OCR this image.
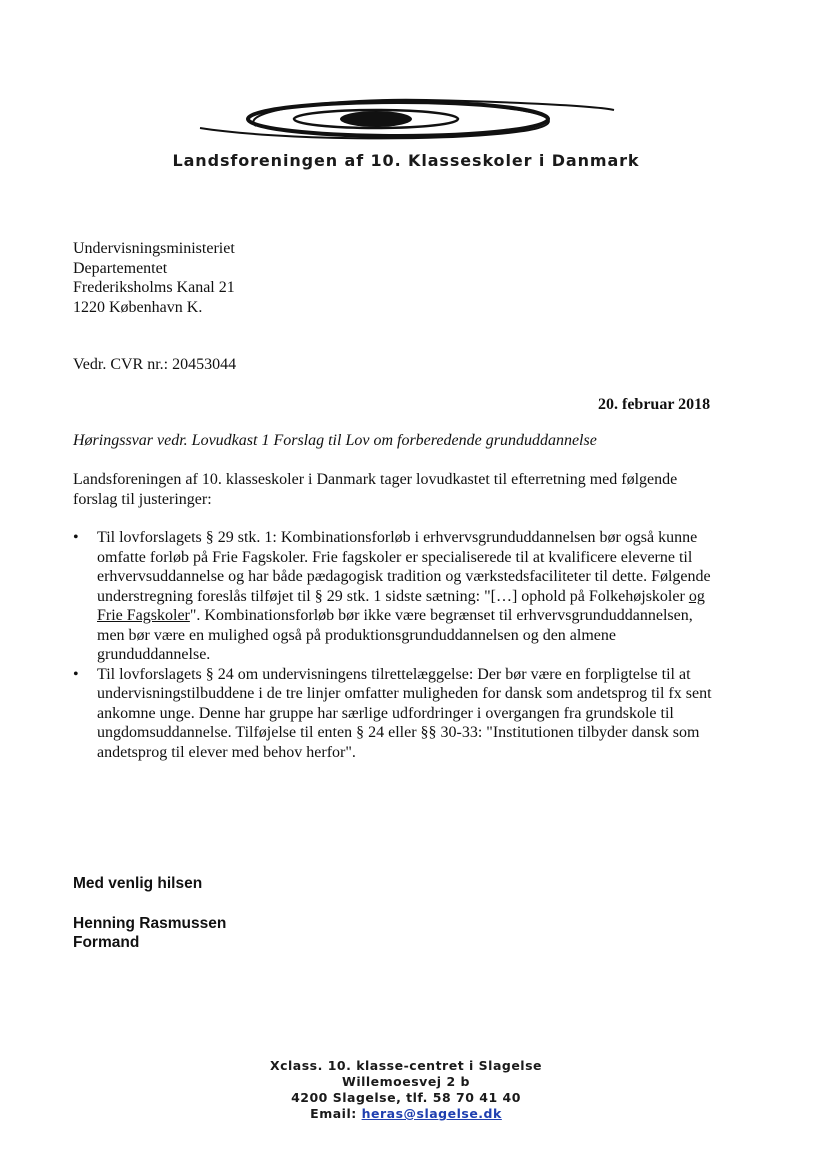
Landsforeningen af 10. Klasseskoler i Danmark
Undervisningsministeriet
Departementet
Frederiksholms Kanal 21
1220 København K.
Vedr. CVR nr.: 20453044
20. februar 2018
Høringssvar vedr. Lovudkast 1 Forslag til Lov om forberedende grunduddannelse
Landsforeningen af 10. klasseskoler i Danmark tager lovudkastet til efterretning med følgende
forslag til justeringer:
• Til lovforslagets § 29 stk. 1: Kombinationsforløb i erhvervsgrunduddannelsen bør også kunne
omfatte forløb på Frie Fagskoler. Frie fagskoler er specialiserede til at kvalificere eleverne til
erhvervsuddannelse og har både pædagogisk tradition og værkstedsfaciliteter til dette. Følgende
understregning foreslås tilføjet til § 29 stk. 1 sidste sætning: "[…] ophold på Folkehøjskoler og
Frie Fagskoler". Kombinationsforløb bør ikke være begrænset til erhvervsgrunduddannelsen,
men bør være en mulighed også på produktionsgrunduddannelsen og den almene
grunduddannelse.
• Til lovforslagets § 24 om undervisningens tilrettelæggelse: Der bør være en forpligtelse til at
undervisningstilbuddene i de tre linjer omfatter muligheden for dansk som andetsprog til fx sent
ankomne unge. Denne har gruppe har særlige udfordringer i overgangen fra grundskole til
ungdomsuddannelse. Tilføjelse til enten § 24 eller §§ 30-33: "Institutionen tilbyder dansk som
andetsprog til elever med behov herfor".
Med venlig hilsen
Henning Rasmussen
Formand
Xclass. 10. klasse-centret i Slagelse
Willemoesvej 2 b
4200 Slagelse, tlf. 58 70 41 40
Email: heras@slagelse.dk
